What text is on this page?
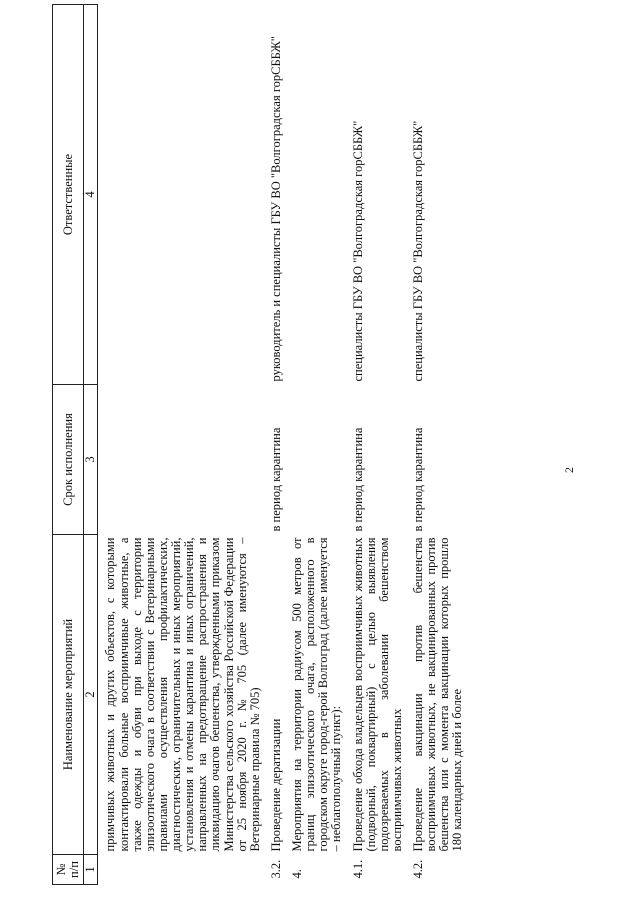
2
№ п/п	Наименование мероприятий	Срок исполнения	Ответственные
1	2	3	4
	примчивых животных и других объектов, с которыми контактировали больные восприимчивые животные, а также одежды и обуви при выходе с территории эпизоотического очага в соответствии с Ветеринарными правилами осуществления профилактических, диагностических, ограничительных и иных мероприятий, установления и отмены карантина и иных ограничений, направленных на предотвращение распространения и ликвидацию очагов бешенства, утвержденными приказом Министерства сельского хозяйства Российской Федерации от 25 ноября 2020 г. № 705 (далее именуются – Ветеринарные правила № 705)		
3.2.	Проведение дератизации	в период карантина	руководитель и специалисты ГБУ ВО "Волгоградская горСББЖ"
4.	Мероприятия на территории радиусом 500 метров от границ эпизоотического очага, расположенного в городском округе город-герой Волгоград (далее именуется – неблагополучный пункт):		
4.1.	Проведение обхода владельцев восприимчивых животных (подворный, поквартирный) с целью выявления подозреваемых в заболевании бешенством восприимчивых животных	в период карантина	специалисты ГБУ ВО "Волгоградская горСББЖ"
4.2.	Проведение вакцинации против бешенства восприимчивых животных, не вакцинированных против бешенства или с момента вакцинации которых прошло 180 календарных дней и более	в период карантина	специалисты ГБУ ВО "Волгоградская горСББЖ"
